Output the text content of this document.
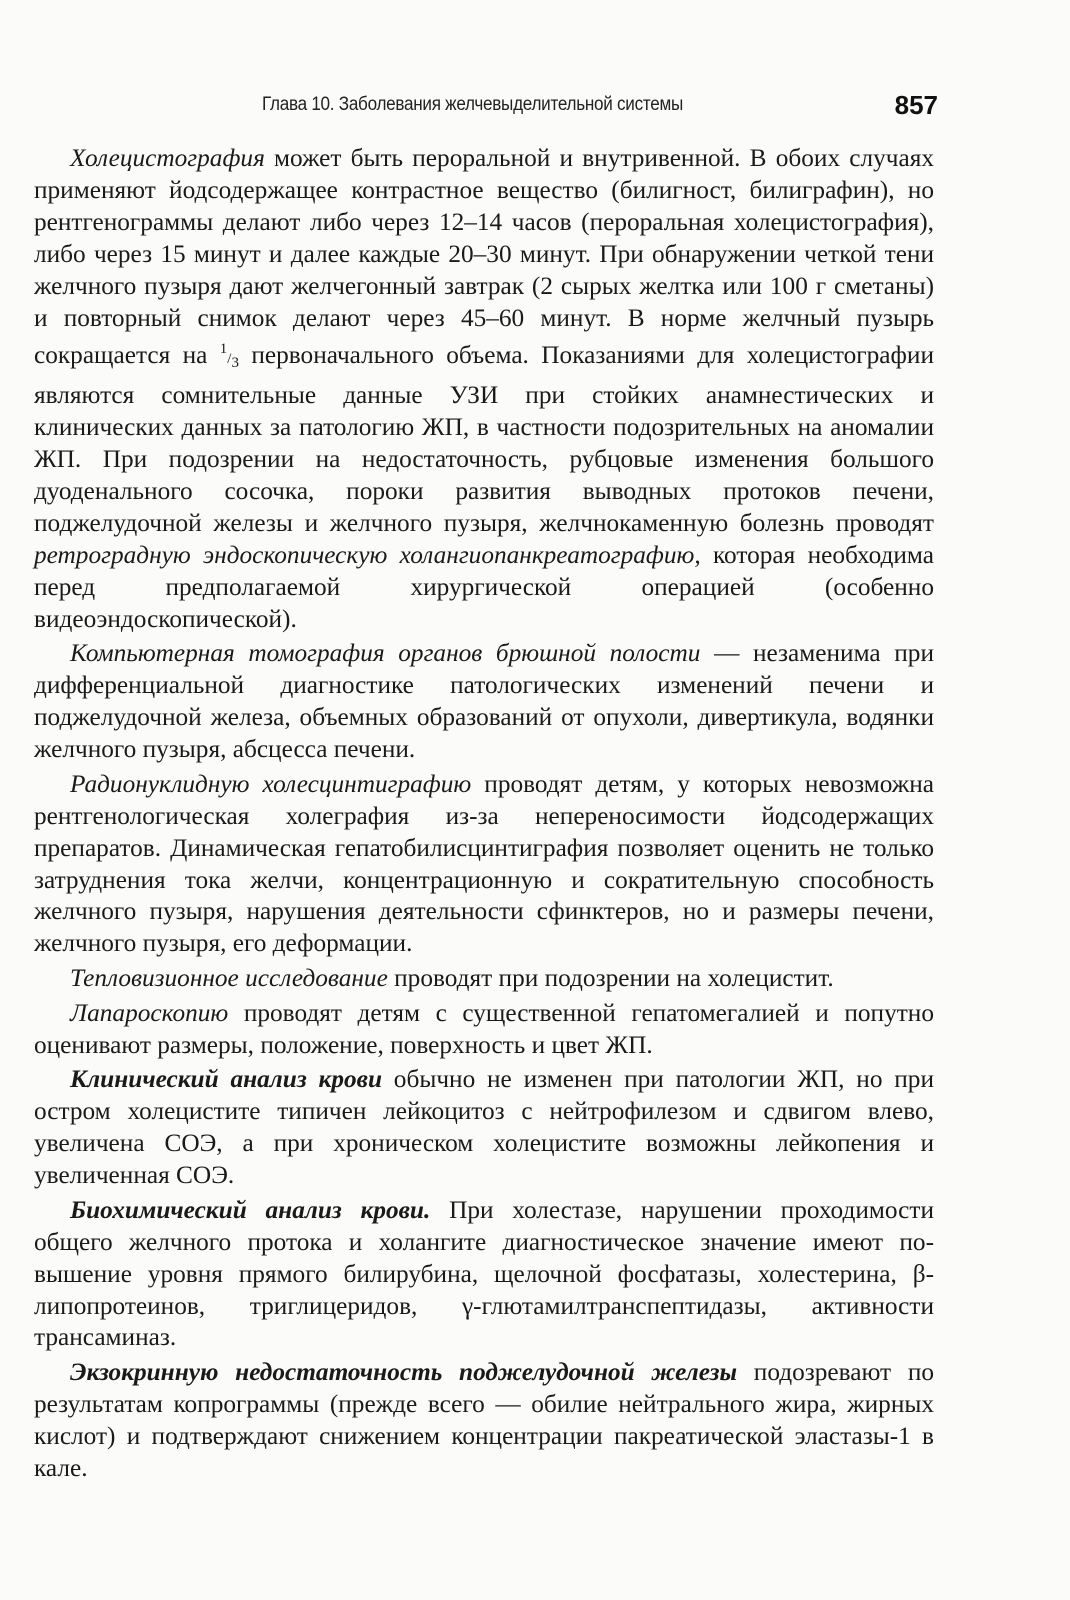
Глава 10. Заболевания желчевыделительной системы	857

Холецистография может быть пероральной и внутривенной. В обоих случаях применяют йодсодержащее контрастное вещество (билигност, билиграфин), но рентгенограммы делают либо через 12–14 часов (пероральная холецистография), либо через 15 минут и далее каждые 20–30 минут. При обнаружении четкой тени желчного пузыря дают желчегонный завтрак (2 сырых желтка или 100 г сметаны) и повторный снимок делают через 45–60 минут. В норме желчный пузырь сокращается на 1/3 первоначального объема. Показаниями для холецистографии являются сомнительные данные УЗИ при стойких анамнестических и клинических данных за патологию ЖП, в частности подозрительных на аномалии ЖП. При подозрении на недостаточность, рубцовые изменения большого дуоденального сосочка, пороки развития выводных протоков печени, поджелудочной железы и желчного пузыря, желчнокаменную болезнь проводят ретроградную эндоскопическую холангиопанкреатографию, которая необходима перед предполагаемой хирургической операцией (особенно видеоэндоскопической).

Компьютерная томография органов брюшной полости — незаменима при дифференциальной диагностике патологических изменений печени и поджелудочной железа, объемных образований от опухоли, дивертикула, водянки желчного пузыря, абсцесса печени.

Радионуклидную холесцинтиграфию проводят детям, у которых невозможна рентгенологическая холеграфия из-за непереносимости йодсодержащих препаратов. Динамическая гепатобилисцинтиграфия позволяет оценить не только затруднения тока желчи, концентрационную и сократительную способность желчного пузыря, нарушения деятельности сфинктеров, но и размеры печени, желчного пузыря, его деформации.

Тепловизионное исследование проводят при подозрении на холецистит.

Лапароскопию проводят детям с существенной гепатомегалией и попутно оценивают размеры, положение, поверхность и цвет ЖП.

Клинический анализ крови обычно не изменен при патологии ЖП, но при остром холецистите типичен лейкоцитоз с нейтрофилезом и сдвигом влево, увеличена СОЭ, а при хроническом холецистите возможны лейкопения и увеличенная СОЭ.

Биохимический анализ крови. При холестазе, нарушении проходимости общего желчного протока и холангите диагностическое значение имеют повышение уровня прямого билирубина, щелочной фосфатазы, холестерина, β-липопротеинов, триглицеридов, γ-глютамилтранспептидазы, активности трансаминаз.

Экзокринную недостаточность поджелудочной железы подозревают по результатам копрограммы (прежде всего — обилие нейтрального жира, жирных кислот) и подтверждают снижением концентрации пакреатической эластазы-1 в кале.
